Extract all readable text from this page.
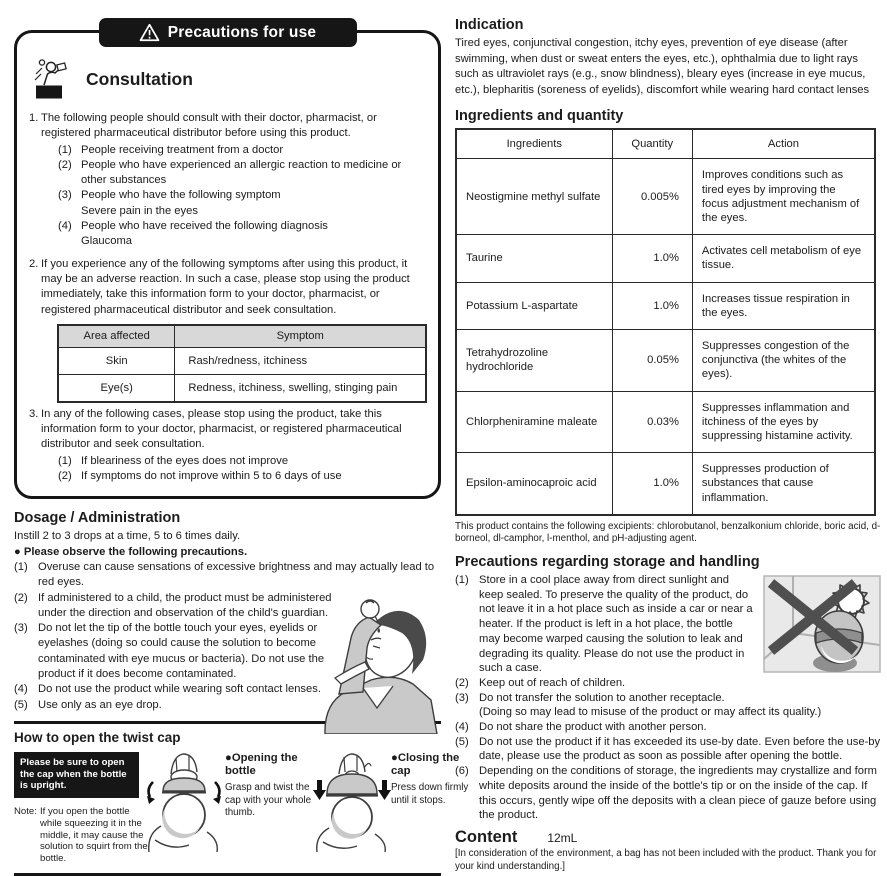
Precautions for use
Consultation
1. The following people should consult with their doctor, pharmacist, or registered pharmaceutical distributor before using this product.
(1) People receiving treatment from a doctor
(2) People who have experienced an allergic reaction to medicine or other substances
(3) People who have the following symptom
Severe pain in the eyes
(4) People who have received the following diagnosis
Glaucoma
2. If you experience any of the following symptoms after using this product, it may be an adverse reaction. In such a case, please stop using the product immediately, take this information form to your doctor, pharmacist, or registered pharmaceutical distributor and seek consultation.
Area affected	Symptom
Skin	Rash/redness, itchiness
Eye(s)	Redness, itchiness, swelling, stinging pain
3. In any of the following cases, please stop using the product, take this information form to your doctor, pharmacist, or registered pharmaceutical distributor and seek consultation.
(1) If bleariness of the eyes does not improve
(2) If symptoms do not improve within 5 to 6 days of use
Dosage / Administration
Instill 2 to 3 drops at a time, 5 to 6 times daily.
● Please observe the following precautions.
(1) Overuse can cause sensations of excessive brightness and may actually lead to red eyes.
(2) If administered to a child, the product must be administered under the direction and observation of the child's guardian.
(3) Do not let the tip of the bottle touch your eyes, eyelids or eyelashes (doing so could cause the solution to become contaminated with eye mucus or bacteria). Do not use the product if it does become contaminated.
(4) Do not use the product while wearing soft contact lenses.
(5) Use only as an eye drop.
How to open the twist cap
Please be sure to open the cap when the bottle is upright.
Note: If you open the bottle while squeezing it in the middle, it may cause the solution to squirt from the bottle.
●Opening the bottle
Grasp and twist the cap with your whole thumb.
●Closing the cap
Press down firmly until it stops.
Indication
Tired eyes, conjunctival congestion, itchy eyes, prevention of eye disease (after swimming, when dust or sweat enters the eyes, etc.), ophthalmia due to light rays such as ultraviolet rays (e.g., snow blindness), bleary eyes (increase in eye mucus, etc.), blepharitis (soreness of eyelids), discomfort while wearing hard contact lenses
Ingredients and quantity
Ingredients	Quantity	Action
Neostigmine methyl sulfate	0.005%	Improves conditions such as tired eyes by improving the focus adjustment mechanism of the eyes.
Taurine	1.0%	Activates cell metabolism of eye tissue.
Potassium L-aspartate	1.0%	Increases tissue respiration in the eyes.
Tetrahydrozoline hydrochloride	0.05%	Suppresses congestion of the conjunctiva (the whites of the eyes).
Chlorpheniramine maleate	0.03%	Suppresses inflammation and itchiness of the eyes by suppressing histamine activity.
Epsilon-aminocaproic acid	1.0%	Suppresses production of substances that cause inflammation.
This product contains the following excipients: chlorobutanol, benzalkonium chloride, boric acid, d-borneol, dl-camphor, l-menthol, and pH-adjusting agent.
Precautions regarding storage and handling
(1) Store in a cool place away from direct sunlight and keep sealed. To preserve the quality of the product, do not leave it in a hot place such as inside a car or near a heater. If the product is left in a hot place, the bottle may become warped causing the solution to leak and degrading its quality. Please do not use the product in such a case.
(2) Keep out of reach of children.
(3) Do not transfer the solution to another receptacle.
(Doing so may lead to misuse of the product or may affect its quality.)
(4) Do not share the product with another person.
(5) Do not use the product if it has exceeded its use-by date. Even before the use-by date, please use the product as soon as possible after opening the bottle.
(6) Depending on the conditions of storage, the ingredients may crystallize and form white deposits around the inside of the bottle's tip or on the inside of the cap. If this occurs, gently wipe off the deposits with a clean piece of gauze before using the product.
Content	12mL
[In consideration of the environment, a bag has not been included with the product. Thank you for your kind understanding.]
